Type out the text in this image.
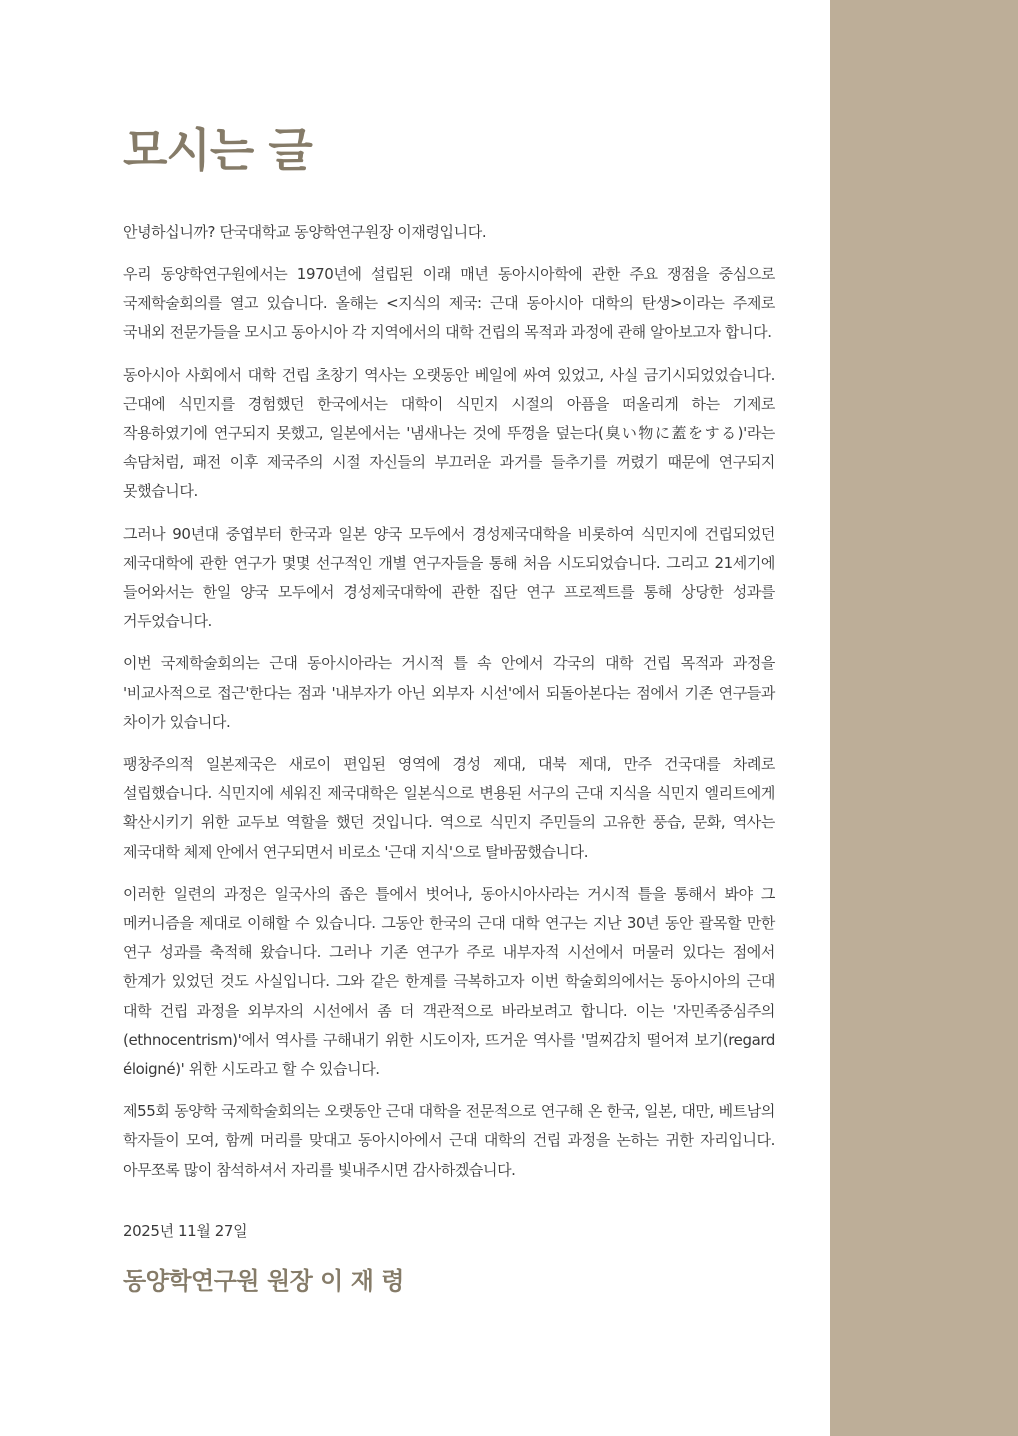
모시는 글

안녕하십니까? 단국대학교 동양학연구원장 이재령입니다.

우리 동양학연구원에서는 1970년에 설립된 이래 매년 동아시아학에 관한 주요 쟁점을 중심으로 국제학술회의를 열고 있습니다. 올해는 <지식의 제국: 근대 동아시아 대학의 탄생>이라는 주제로 국내외 전문가들을 모시고 동아시아 각 지역에서의 대학 건립의 목적과 과정에 관해 알아보고자 합니다.

동아시아 사회에서 대학 건립 초창기 역사는 오랫동안 베일에 싸여 있었고, 사실 금기시되었었습니다. 근대에 식민지를 경험했던 한국에서는 대학이 식민지 시절의 아픔을 떠올리게 하는 기제로 작용하였기에 연구되지 못했고, 일본에서는 '냄새나는 것에 뚜껑을 덮는다(臭い物に蓋をする)'라는 속담처럼, 패전 이후 제국주의 시절 자신들의 부끄러운 과거를 들추기를 꺼렸기 때문에 연구되지 못했습니다.

그러나 90년대 중엽부터 한국과 일본 양국 모두에서 경성제국대학을 비롯하여 식민지에 건립되었던 제국대학에 관한 연구가 몇몇 선구적인 개별 연구자들을 통해 처음 시도되었습니다. 그리고 21세기에 들어와서는 한일 양국 모두에서 경성제국대학에 관한 집단 연구 프로젝트를 통해 상당한 성과를 거두었습니다.

이번 국제학술회의는 근대 동아시아라는 거시적 틀 속 안에서 각국의 대학 건립 목적과 과정을 '비교사적으로 접근'한다는 점과 '내부자가 아닌 외부자 시선'에서 되돌아본다는 점에서 기존 연구들과 차이가 있습니다.

팽창주의적 일본제국은 새로이 편입된 영역에 경성 제대, 대북 제대, 만주 건국대를 차례로 설립했습니다. 식민지에 세워진 제국대학은 일본식으로 변용된 서구의 근대 지식을 식민지 엘리트에게 확산시키기 위한 교두보 역할을 했던 것입니다. 역으로 식민지 주민들의 고유한 풍습, 문화, 역사는 제국대학 체제 안에서 연구되면서 비로소 '근대 지식'으로 탈바꿈했습니다.

이러한 일련의 과정은 일국사의 좁은 틀에서 벗어나, 동아시아사라는 거시적 틀을 통해서 봐야 그 메커니즘을 제대로 이해할 수 있습니다. 그동안 한국의 근대 대학 연구는 지난 30년 동안 괄목할 만한 연구 성과를 축적해 왔습니다. 그러나 기존 연구가 주로 내부자적 시선에서 머물러 있다는 점에서 한계가 있었던 것도 사실입니다. 그와 같은 한계를 극복하고자 이번 학술회의에서는 동아시아의 근대 대학 건립 과정을 외부자의 시선에서 좀 더 객관적으로 바라보려고 합니다. 이는 '자민족중심주의(ethnocentrism)'에서 역사를 구해내기 위한 시도이자, 뜨거운 역사를 '멀찌감치 떨어져 보기(regard éloigné)' 위한 시도라고 할 수 있습니다.

제55회 동양학 국제학술회의는 오랫동안 근대 대학을 전문적으로 연구해 온 한국, 일본, 대만, 베트남의 학자들이 모여, 함께 머리를 맞대고 동아시아에서 근대 대학의 건립 과정을 논하는 귀한 자리입니다. 아무쪼록 많이 참석하셔서 자리를 빛내주시면 감사하겠습니다.

2025년 11월 27일

동양학연구원 원장 이 재 령
